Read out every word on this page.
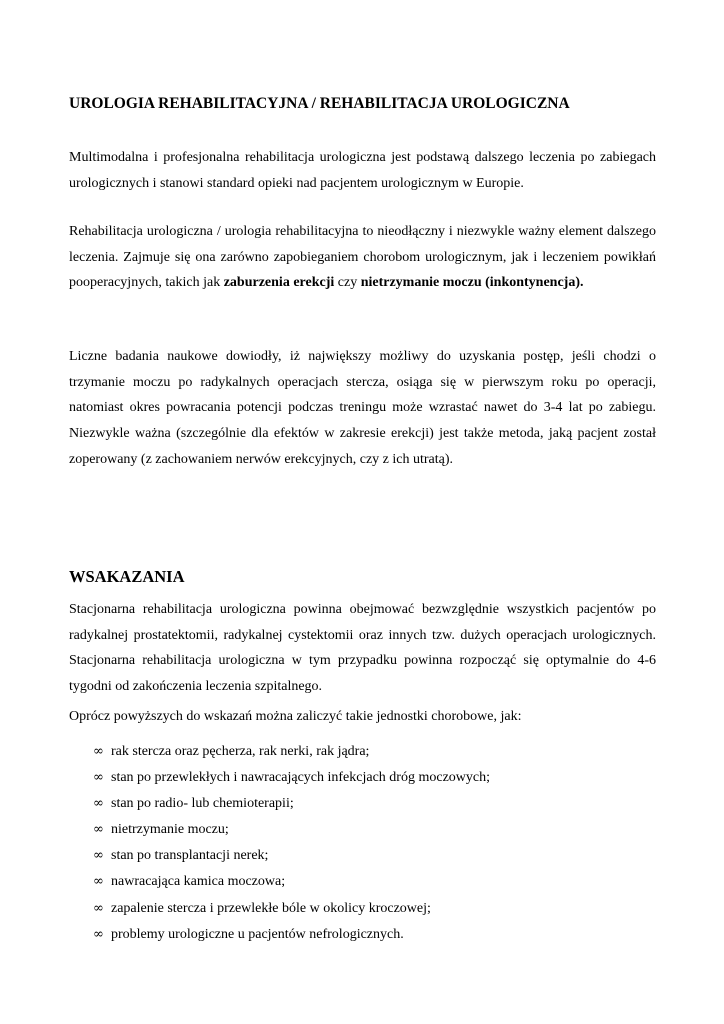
UROLOGIA REHABILITACYJNA / REHABILITACJA UROLOGICZNA

Multimodalna i profesjonalna rehabilitacja urologiczna jest podstawą dalszego leczenia po zabiegach urologicznych i stanowi standard opieki nad pacjentem urologicznym w Europie.

Rehabilitacja urologiczna / urologia rehabilitacyjna to nieodłączny i niezwykle ważny element dalszego leczenia. Zajmuje się ona zarówno zapobieganiem chorobom urologicznym, jak i leczeniem powikłań pooperacyjnych, takich jak zaburzenia erekcji czy nietrzymanie moczu (inkontynencja).

Liczne badania naukowe dowiodły, iż największy możliwy do uzyskania postęp, jeśli chodzi o trzymanie moczu po radykalnych operacjach stercza, osiąga się w pierwszym roku po operacji, natomiast okres powracania potencji podczas treningu może wzrastać nawet do 3-4 lat po zabiegu. Niezwykle ważna (szczególnie dla efektów w zakresie erekcji) jest także metoda, jaką pacjent został zoperowany (z zachowaniem nerwów erekcyjnych, czy z ich utratą).

WSAKAZANIA

Stacjonarna rehabilitacja urologiczna powinna obejmować bezwzględnie wszystkich pacjentów po radykalnej prostatektomii, radykalnej cystektomii oraz innych tzw. dużych operacjach urologicznych. Stacjonarna rehabilitacja urologiczna w tym przypadku powinna rozpocząć się optymalnie do 4-6 tygodni od zakończenia leczenia szpitalnego.

Oprócz powyższych do wskazań można zaliczyć takie jednostki chorobowe, jak:

∞ rak stercza oraz pęcherza, rak nerki, rak jądra;
∞ stan po przewlekłych i nawracających infekcjach dróg moczowych;
∞ stan po radio- lub chemioterapii;
∞ nietrzymanie moczu;
∞ stan po transplantacji nerek;
∞ nawracająca kamica moczowa;
∞ zapalenie stercza i przewlekłe bóle w okolicy kroczowej;
∞ problemy urologiczne u pacjentów nefrologicznych.
